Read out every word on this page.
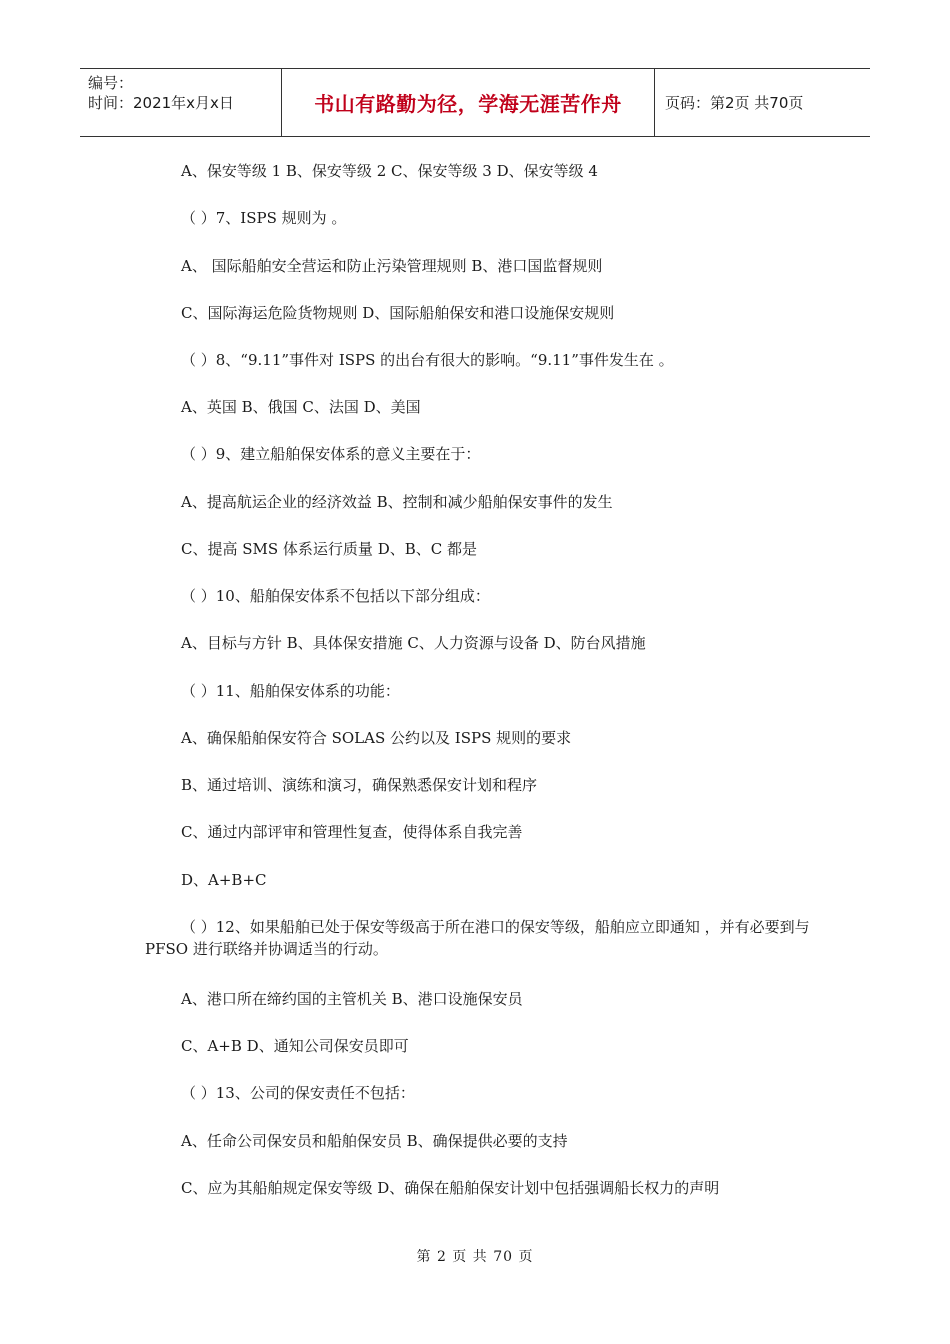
编号：
时间：2021年x月x日	书山有路勤为径，学海无涯苦作舟	页码：第2页 共70页
A、保安等级 1 B、保安等级 2 C、保安等级 3 D、保安等级 4
（ ）7、ISPS 规则为 。
A、 国际船舶安全营运和防止污染管理规则 B、港口国监督规则
C、国际海运危险货物规则 D、国际船舶保安和港口设施保安规则
（ ）8、“9.11”事件对 ISPS 的出台有很大的影响。“9.11”事件发生在 。
A、英国 B、俄国 C、法国 D、美国
（ ）9、建立船舶保安体系的意义主要在于：
A、提高航运企业的经济效益 B、控制和减少船舶保安事件的发生
C、提高 SMS 体系运行质量 D、B、C 都是
（ ）10、船舶保安体系不包括以下部分组成：
A、目标与方针 B、具体保安措施 C、人力资源与设备 D、防台风措施
（ ）11、船舶保安体系的功能：
A、确保船舶保安符合 SOLAS 公约以及 ISPS 规则的要求
B、通过培训、演练和演习，确保熟悉保安计划和程序
C、通过内部评审和管理性复查，使得体系自我完善
D、A+B+C
（ ）12、如果船舶已处于保安等级高于所在港口的保安等级，船舶应立即通知 ，并有必要到与 PFSO 进行联络并协调适当的行动。
A、港口所在缔约国的主管机关 B、港口设施保安员
C、A+B D、通知公司保安员即可
（ ）13、公司的保安责任不包括：
A、任命公司保安员和船舶保安员 B、确保提供必要的支持
C、应为其船舶规定保安等级 D、确保在船舶保安计划中包括强调船长权力的声明
第 2 页 共 70 页
